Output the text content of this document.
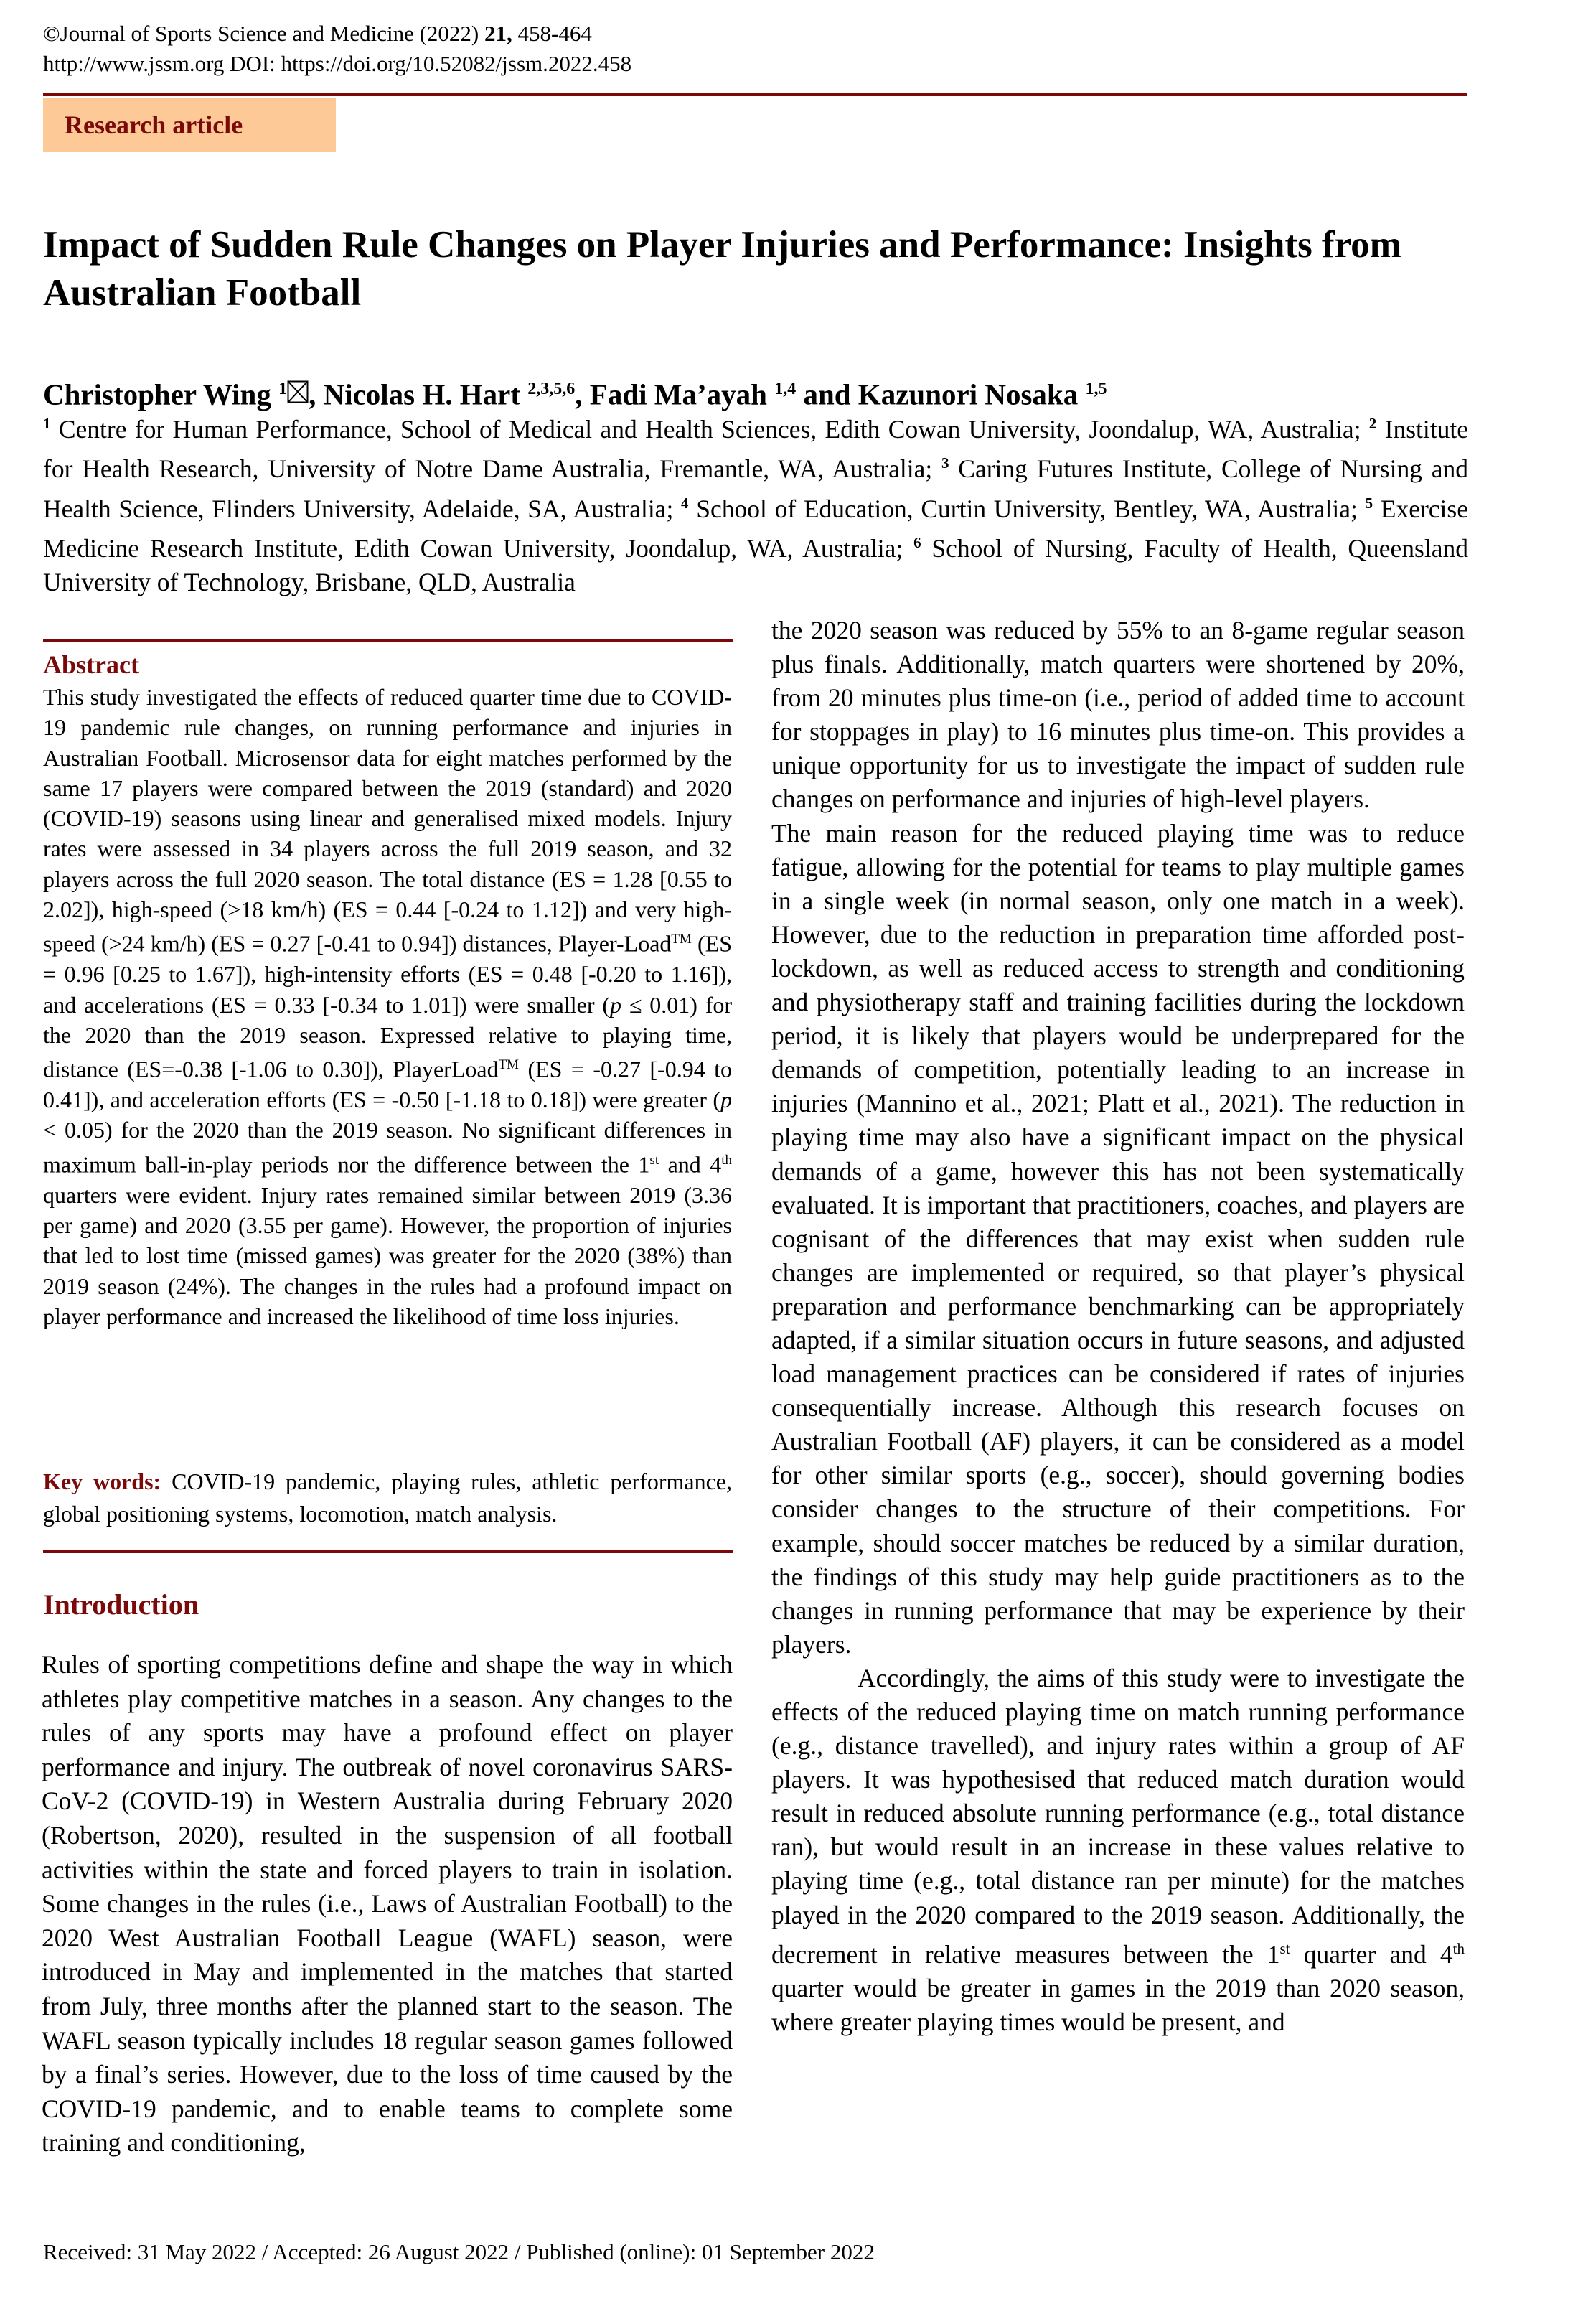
©Journal of Sports Science and Medicine (2022) 21, 458-464
http://www.jssm.org DOI: https://doi.org/10.52082/jssm.2022.458
Research article
Impact of Sudden Rule Changes on Player Injuries and Performance: Insights from Australian Football
Christopher Wing $^1$ , Nicolas H. Hart $^{2,3,5,6}$, Fadi Ma’ayah $^{1,4}$ and Kazunori Nosaka $^{1,5}$
$^1$ Centre for Human Performance, School of Medical and Health Sciences, Edith Cowan University, Joondalup, WA, Australia; $^2$ Institute for Health Research, University of Notre Dame Australia, Fremantle, WA, Australia; $^3$ Caring Futures Institute, College of Nursing and Health Science, Flinders University, Adelaide, SA, Australia; $^4$ School of Education, Curtin University, Bentley, WA, Australia; $^5$ Exercise Medicine Research Institute, Edith Cowan University, Joondalup, WA, Australia; $^6$ School of Nursing, Faculty of Health, Queensland University of Technology, Brisbane, QLD, Australia
Abstract
This study investigated the effects of reduced quarter time due to COVID-19 pandemic rule changes, on running performance and injuries in Australian Football. Microsensor data for eight matches performed by the same 17 players were compared between the 2019 (standard) and 2020 (COVID-19) seasons using linear and generalised mixed models. Injury rates were assessed in 34 players across the full 2019 season, and 32 players across the full 2020 season. The total distance (ES = 1.28 [0.55 to 2.02]), high-speed (>18 km/h) (ES = 0.44 [-0.24 to 1.12]) and very high-speed (>24 km/h) (ES = 0.27 [-0.41 to 0.94]) distances, Player-Load™ (ES = 0.96 [0.25 to 1.67]), high-intensity efforts (ES = 0.48 [-0.20 to 1.16]), and accelerations (ES = 0.33 [-0.34 to 1.01]) were smaller (p ≤ 0.01) for the 2020 than the 2019 season. Expressed relative to playing time, distance (ES=-0.38 [-1.06 to 0.30]), PlayerLoad™ (ES = -0.27 [-0.94 to 0.41]), and acceleration efforts (ES = -0.50 [-1.18 to 0.18]) were greater (p < 0.05) for the 2020 than the 2019 season. No significant differences in maximum ball-in-play periods nor the difference between the 1st and 4th quarters were evident. Injury rates remained similar between 2019 (3.36 per game) and 2020 (3.55 per game). However, the proportion of injuries that led to lost time (missed games) was greater for the 2020 (38%) than 2019 season (24%). The changes in the rules had a profound impact on player performance and increased the likelihood of time loss injuries.
Key words: COVID-19 pandemic, playing rules, athletic performance, global positioning systems, locomotion, match analysis.
Introduction
Rules of sporting competitions define and shape the way in which athletes play competitive matches in a season. Any changes to the rules of any sports may have a profound effect on player performance and injury. The outbreak of novel coronavirus SARS-CoV-2 (COVID-19) in Western Australia during February 2020 (Robertson, 2020), resulted in the suspension of all football activities within the state and forced players to train in isolation. Some changes in the rules (i.e., Laws of Australian Football) to the 2020 West Australian Football League (WAFL) season, were introduced in May and implemented in the matches that started from July, three months after the planned start to the season. The WAFL season typically includes 18 regular season games followed by a final’s series. However, due to the loss of time caused by the COVID-19 pandemic, and to enable teams to complete some training and conditioning,

the 2020 season was reduced by 55% to an 8-game regular season plus finals. Additionally, match quarters were shortened by 20%, from 20 minutes plus time-on (i.e., period of added time to account for stoppages in play) to 16 minutes plus time-on. This provides a unique opportunity for us to investigate the impact of sudden rule changes on performance and injuries of high-level players.

The main reason for the reduced playing time was to reduce fatigue, allowing for the potential for teams to play multiple games in a single week (in normal season, only one match in a week). However, due to the reduction in preparation time afforded post-lockdown, as well as reduced access to strength and conditioning and physiotherapy staff and training facilities during the lockdown period, it is likely that players would be underprepared for the demands of competition, potentially leading to an increase in injuries (Mannino et al., 2021; Platt et al., 2021). The reduction in playing time may also have a significant impact on the physical demands of a game, however this has not been systematically evaluated. It is important that practitioners, coaches, and players are cognisant of the differences that may exist when sudden rule changes are implemented or required, so that player’s physical preparation and performance benchmarking can be appropriately adapted, if a similar situation occurs in future seasons, and adjusted load management practices can be considered if rates of injuries consequentially increase. Although this research focuses on Australian Football (AF) players, it can be considered as a model for other similar sports (e.g., soccer), should governing bodies consider changes to the structure of their competitions. For example, should soccer matches be reduced by a similar duration, the findings of this study may help guide practitioners as to the changes in running performance that may be experience by their players.

Accordingly, the aims of this study were to investigate the effects of the reduced playing time on match running performance (e.g., distance travelled), and injury rates within a group of AF players. It was hypothesised that reduced match duration would result in reduced absolute running performance (e.g., total distance ran), but would result in an increase in these values relative to playing time (e.g., total distance ran per minute) for the matches played in the 2020 compared to the 2019 season. Additionally, the decrement in relative measures between the 1st quarter and 4th quarter would be greater in games in the 2019 than 2020 season, where greater playing times would be present, and

Received: 31 May 2022 / Accepted: 26 August 2022 / Published (online): 01 September 2022
